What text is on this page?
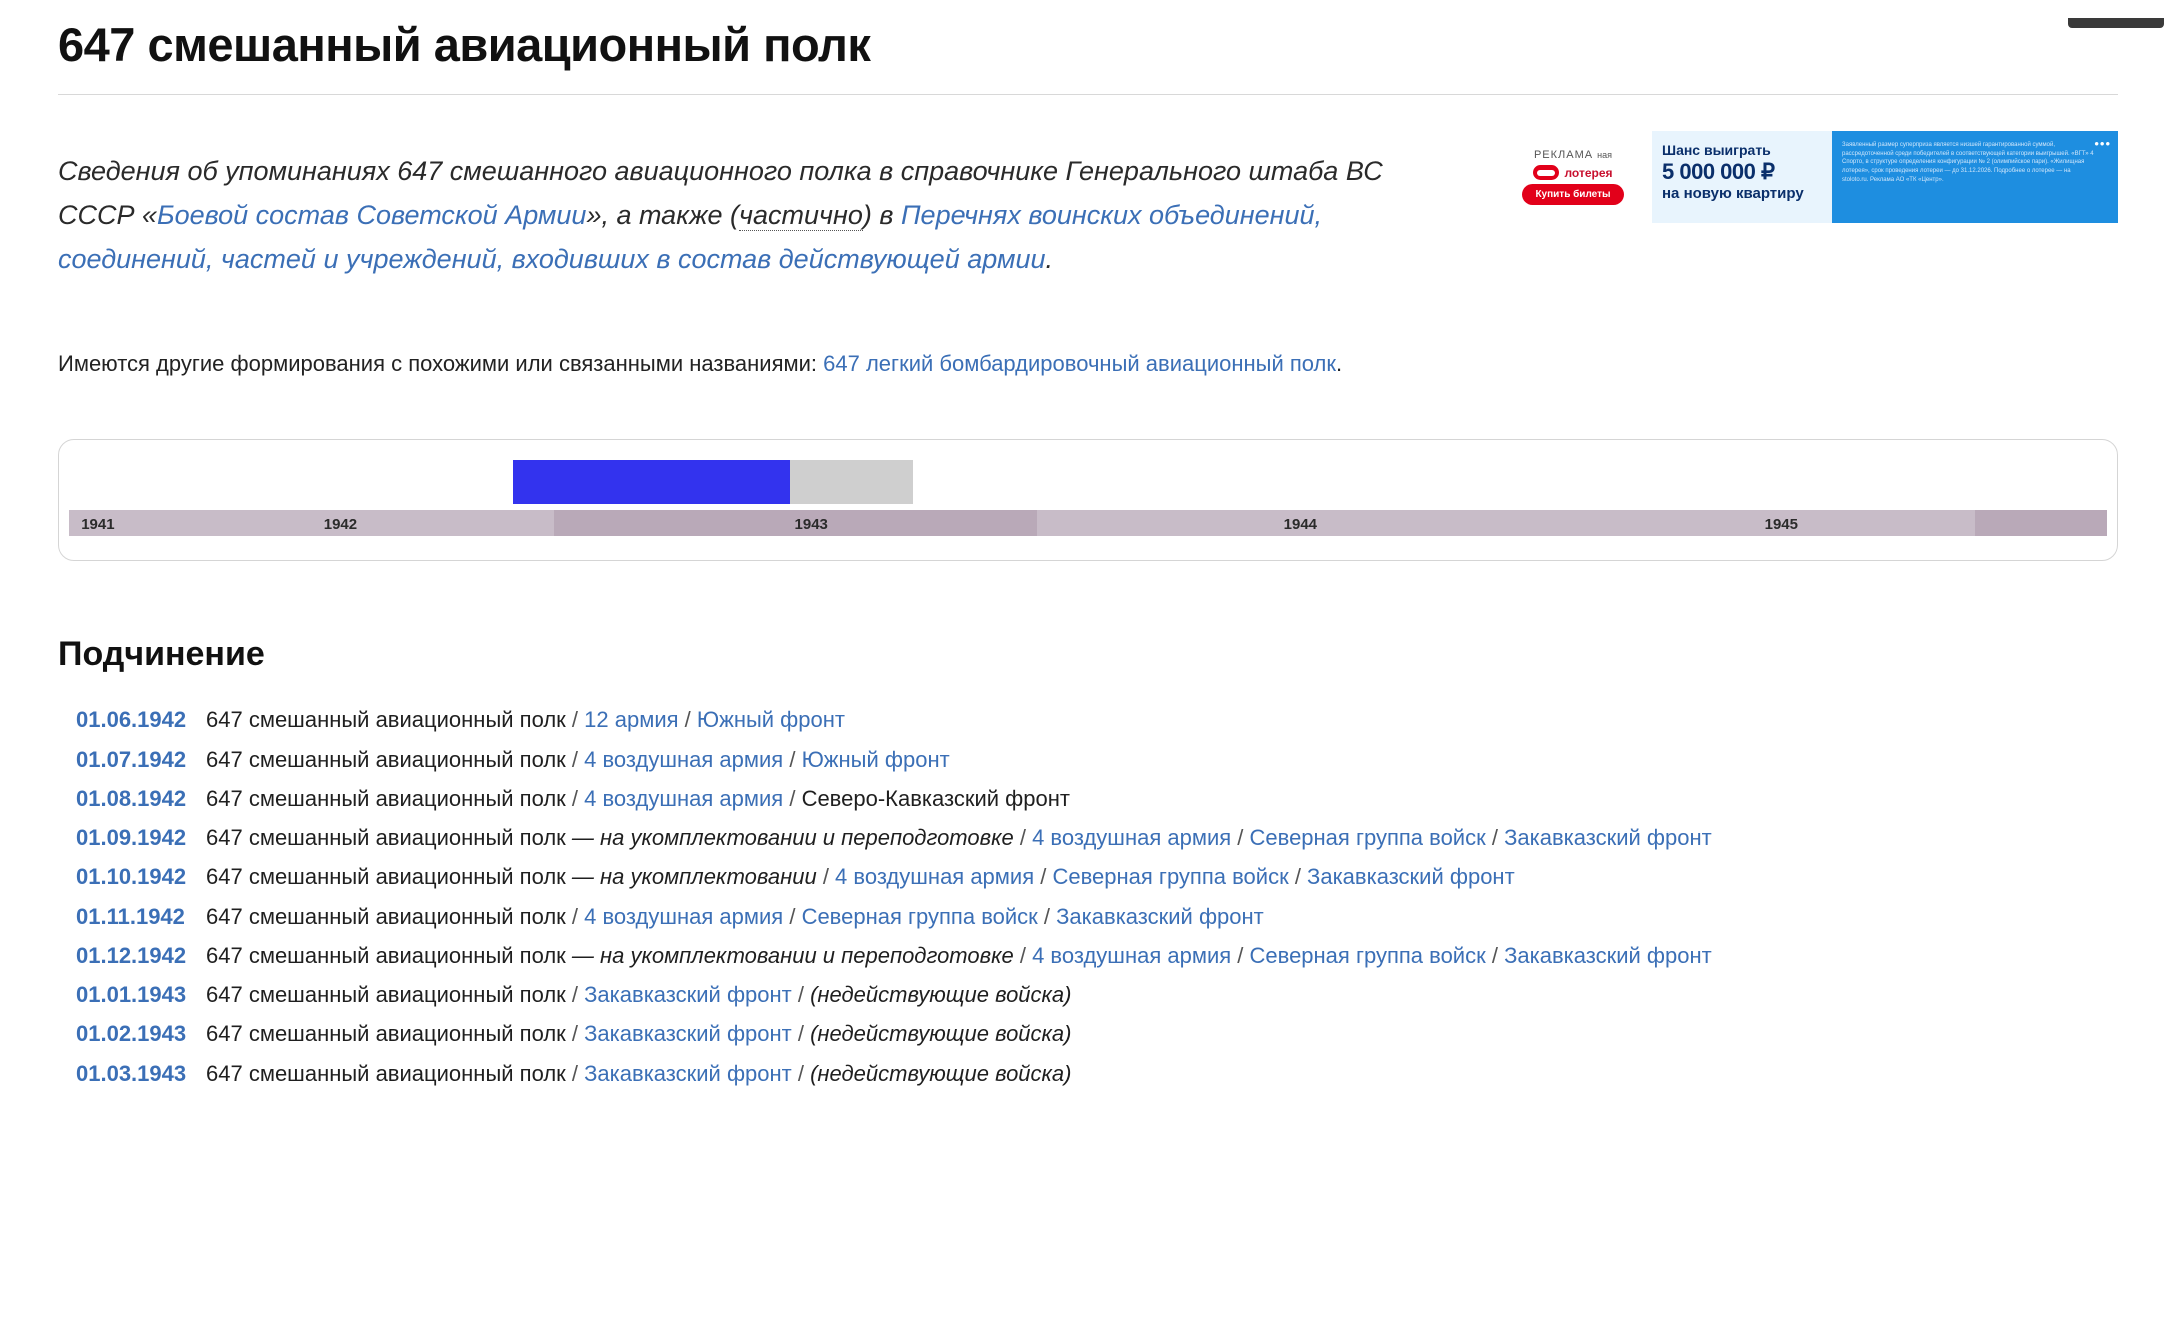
647 смешанный авиационный полк

Сведения об упоминаниях 647 смешанного авиационного полка в справочнике Генерального штаба ВС СССР «Боевой состав Советской Армии», а также (частично) в Перечнях воинских объединений, соединений, частей и учреждений, входивших в состав действующей армии.

РЕКЛАМА ная
лотерея
Купить билеты
Шанс выиграть
5 000 000 ₽
на новую квартиру
Заявленный размер суперприза является низшей гарантированной суммой, рассредоточенной среди победителей в соответствующей категории выигрышей. «ВГТ» 4 Спорто, в структуре определения конфигурации № 2 (олимпийское пари). «Жилищная лотерея», срок проведения лотереи — до 31.12.2026. Подробнее о лотерее — на stoloto.ru. Реклама АО «ТК «Центр».
•••

Имеются другие формирования с похожими или связанными названиями: 647 легкий бомбардировочный авиационный полк.

1941	1942	1943	1944	1945
Подчинение
01.06.1942 647 смешанный авиационный полк / 12 армия / Южный фронт
01.07.1942 647 смешанный авиационный полк / 4 воздушная армия / Южный фронт
01.08.1942 647 смешанный авиационный полк / 4 воздушная армия / Северо-Кавказский фронт
01.09.1942 647 смешанный авиационный полк — на укомплектовании и переподготовке / 4 воздушная армия / Северная группа войск / Закавказский фронт
01.10.1942 647 смешанный авиационный полк — на укомплектовании / 4 воздушная армия / Северная группа войск / Закавказский фронт
01.11.1942 647 смешанный авиационный полк / 4 воздушная армия / Северная группа войск / Закавказский фронт
01.12.1942 647 смешанный авиационный полк — на укомплектовании и переподготовке / 4 воздушная армия / Северная группа войск / Закавказский фронт
01.01.1943 647 смешанный авиационный полк / Закавказский фронт / (недействующие войска)
01.02.1943 647 смешанный авиационный полк / Закавказский фронт / (недействующие войска)
01.03.1943 647 смешанный авиационный полк / Закавказский фронт / (недействующие войска)
